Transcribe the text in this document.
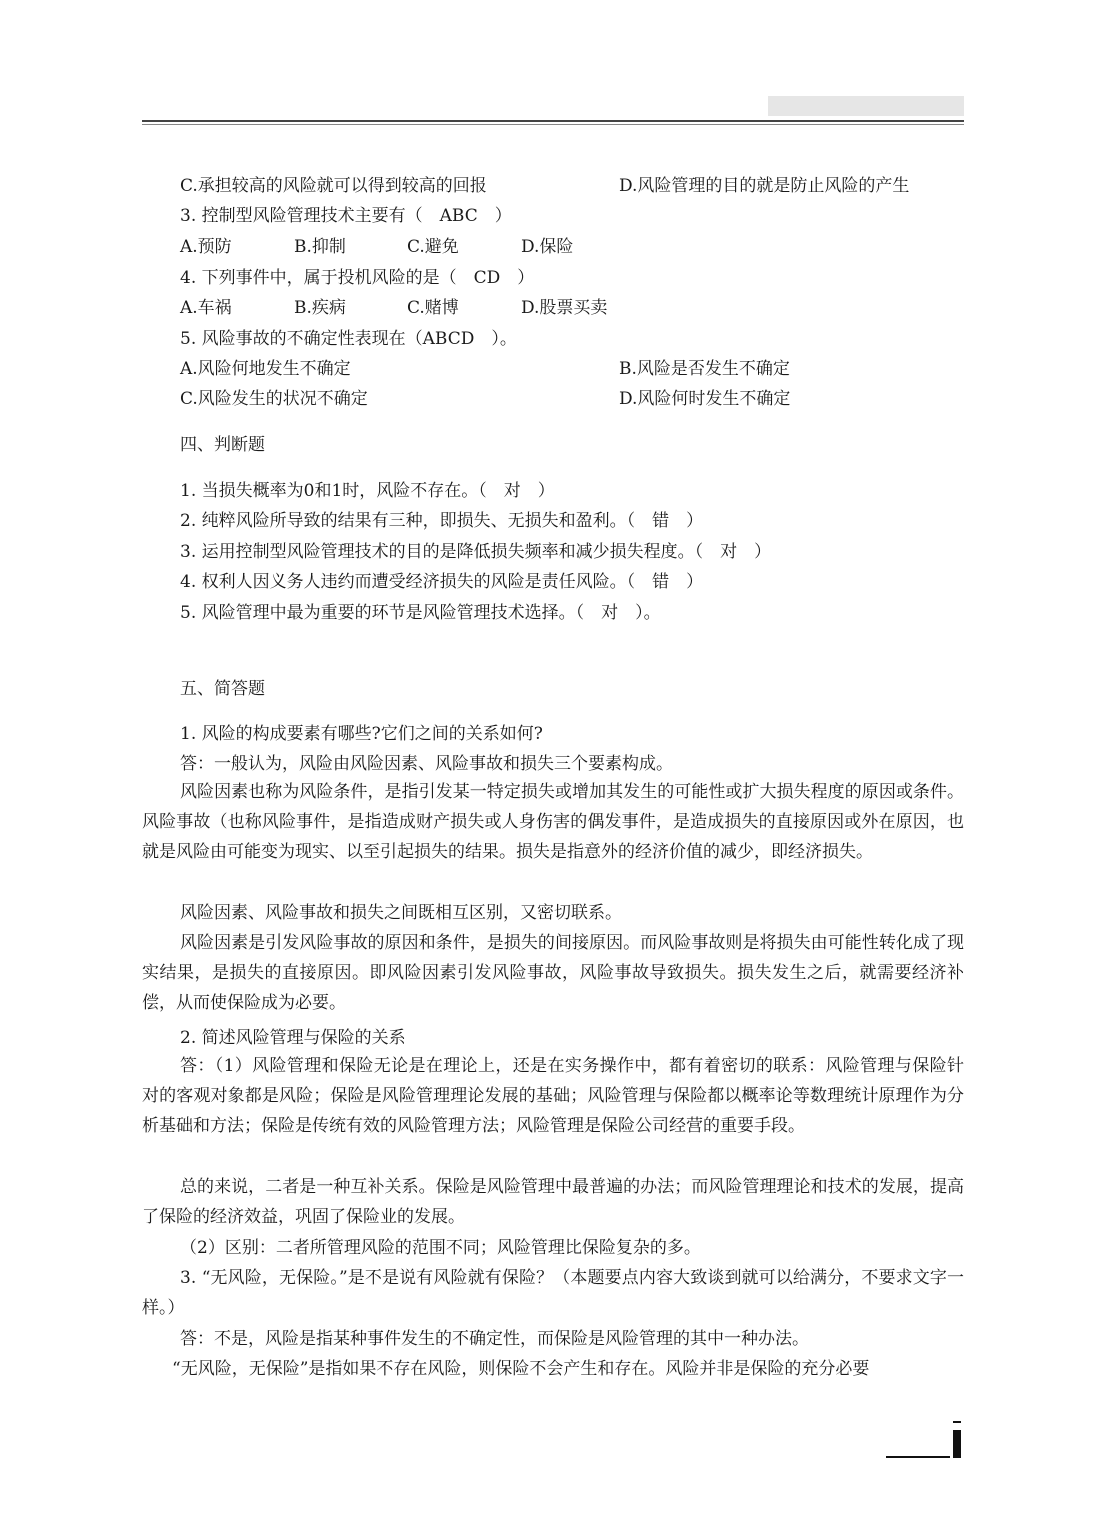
C.承担较高的风险就可以得到较高的回报	D.风险管理的目的就是防止风险的产生
3. 控制型风险管理技术主要有（　ABC　）
A.预防	B.抑制	C.避免	D.保险
4. 下列事件中，属于投机风险的是（　CD　）
A.车祸	B.疾病	C.赌博	D.股票买卖
5. 风险事故的不确定性表现在（ABCD　）。
A.风险何地发生不确定	B.风险是否发生不确定
C.风险发生的状况不确定	D.风险何时发生不确定
四、判断题
1. 当损失概率为0和1时，风险不存在。（　对　）
2. 纯粹风险所导致的结果有三种，即损失、无损失和盈利。（　错　）
3. 运用控制型风险管理技术的目的是降低损失频率和减少损失程度。（　对　）
4. 权利人因义务人违约而遭受经济损失的风险是责任风险。（　错　）
5. 风险管理中最为重要的环节是风险管理技术选择。（　对　）。
五、简答题
1. 风险的构成要素有哪些?它们之间的关系如何?
答：一般认为，风险由风险因素、风险事故和损失三个要素构成。

风险因素也称为风险条件，是指引发某一特定损失或增加其发生的可能性或扩大损失程度的原因或条件。风险事故（也称风险事件，是指造成财产损失或人身伤害的偶发事件，是造成损失的直接原因或外在原因，也就是风险由可能变为现实、以至引起损失的结果。损失是指意外的经济价值的减少，即经济损失。

风险因素、风险事故和损失之间既相互区别，又密切联系。

风险因素是引发风险事故的原因和条件，是损失的间接原因。而风险事故则是将损失由可能性转化成了现实结果，是损失的直接原因。即风险因素引发风险事故，风险事故导致损失。损失发生之后，就需要经济补偿，从而使保险成为必要。

2. 简述风险管理与保险的关系

答：（1）风险管理和保险无论是在理论上，还是在实务操作中，都有着密切的联系：风险管理与保险针对的客观对象都是风险；保险是风险管理理论发展的基础；风险管理与保险都以概率论等数理统计原理作为分析基础和方法；保险是传统有效的风险管理方法；风险管理是保险公司经营的重要手段。

总的来说，二者是一种互补关系。保险是风险管理中最普遍的办法；而风险管理理论和技术的发展，提高了保险的经济效益，巩固了保险业的发展。

（2）区别：二者所管理风险的范围不同；风险管理比保险复杂的多。

3. “无风险，无保险。”是不是说有风险就有保险？（本题要点内容大致谈到就可以给满分，不要求文字一样。）

答：不是，风险是指某种事件发生的不确定性，而保险是风险管理的其中一种办法。

“无风险，无保险”是指如果不存在风险，则保险不会产生和存在。风险并非是保险的充分必要
